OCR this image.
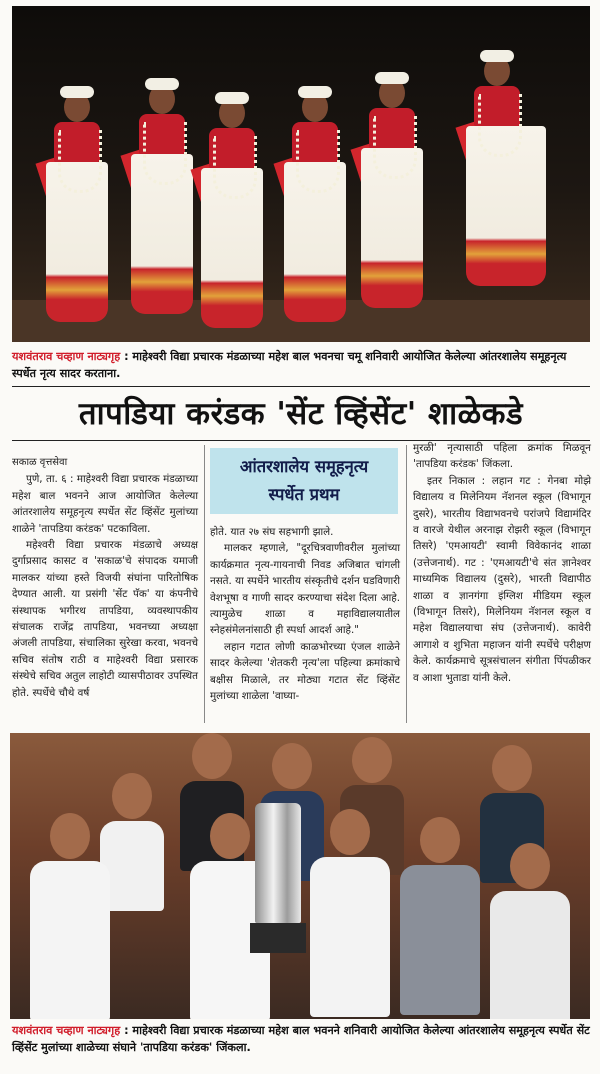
यशवंतराव चव्हाण नाट्यगृह : माहेश्वरी विद्या प्रचारक मंडळाच्या महेश बाल भवनचा चमू शनिवारी आयोजित केलेल्या आंतरशालेय समूहनृत्य स्पर्धेत नृत्य सादर करताना.
तापडिया करंडक 'सेंट व्हिंसेंट' शाळेकडे

सकाळ वृत्तसेवा

पुणे, ता. ६ : माहेश्वरी विद्या प्रचारक मंडळाच्या महेश बाल भवनने आज आयोजित केलेल्या आंतरशालेय समूहनृत्य स्पर्धेत सेंट व्हिंसेंट मुलांच्या शाळेने 'तापडिया करंडक' पटकाविला.

महेश्वरी विद्या प्रचारक मंडळाचे अध्यक्ष दुर्गाप्रसाद कासट व 'सकाळ'चे संपादक यमाजी मालकर यांच्या हस्ते विजयी संघांना पारितोषिक देण्यात आली. या प्रसंगी 'सेंट पॅक' या कंपनीचे संस्थापक भगीरथ तापडिया, व्यवस्थापकीय संचालक राजेंद्र तापडिया, भवनच्या अध्यक्षा अंजली तापडिया, संचालिका सुरेखा करवा, भवनचे सचिव संतोष राठी व माहेश्वरी विद्या प्रसारक संस्थेचे सचिव अतुल लाहोटी व्यासपीठावर उपस्थित होते. स्पर्धेचे चौथे वर्ष

आंतरशालेय समूहनृत्य
स्पर्धेत प्रथम

होते. यात २७ संघ सहभागी झाले.

मालकर म्हणाले, "दूरचित्रवाणीवरील मुलांच्या कार्यक्रमात नृत्य-गायनाची निवड अजिबात चांगली नसते. या स्पर्धेने भारतीय संस्कृतीचे दर्शन घडविणारी वेशभूषा व गाणी सादर करण्याचा संदेश दिला आहे. त्यामुळेच शाळा व महाविद्यालयातील स्नेहसंमेलनांसाठी ही स्पर्धा आदर्श आहे."

लहान गटात लोणी काळभोरच्या एंजल शाळेने सादर केलेल्या 'शेतकरी नृत्य'ला पहिल्या क्रमांकाचे बक्षीस मिळाले, तर मोठ्या गटात सेंट व्हिंसेंट मुलांच्या शाळेला 'वाघ्या-

मुरळी' नृत्यासाठी पहिला क्रमांक मिळवून 'तापडिया करंडक' जिंकला.

इतर निकाल : लहान गट : गेनबा मोझे विद्यालय व मिलेनियम नॅशनल स्कूल (विभागून दुसरे), भारतीय विद्याभवनचे परांजपे विद्यामंदिर व वारजे येथील अरनाझ रोझरी स्कूल (विभागून तिसरे) 'एमआयटी' स्वामी विवेकानंद शाळा (उत्तेजनार्थ). गट : 'एमआयटी'चे संत ज्ञानेश्वर माध्यमिक विद्यालय (दुसरे), भारती विद्यापीठ शाळा व ज्ञानगंगा इंग्लिश मीडियम स्कूल (विभागून तिसरे), मिलेनियम नॅशनल स्कूल व महेश विद्यालयाचा संघ (उत्तेजनार्थ). कावेरी आगाशे व शुभिता महाजन यांनी स्पर्धेचे परीक्षण केले. कार्यक्रमाचे सूत्रसंचालन संगीता पिंपळीकर व आशा भुताडा यांनी केले.

यशवंतराव चव्हाण नाट्यगृह : माहेश्वरी विद्या प्रचारक मंडळाच्या महेश बाल भवनने शनिवारी आयोजित केलेल्या आंतरशालेय समूहनृत्य स्पर्धेत सेंट व्हिंसेंट मुलांच्या शाळेच्या संघाने 'तापडिया करंडक' जिंकला.
